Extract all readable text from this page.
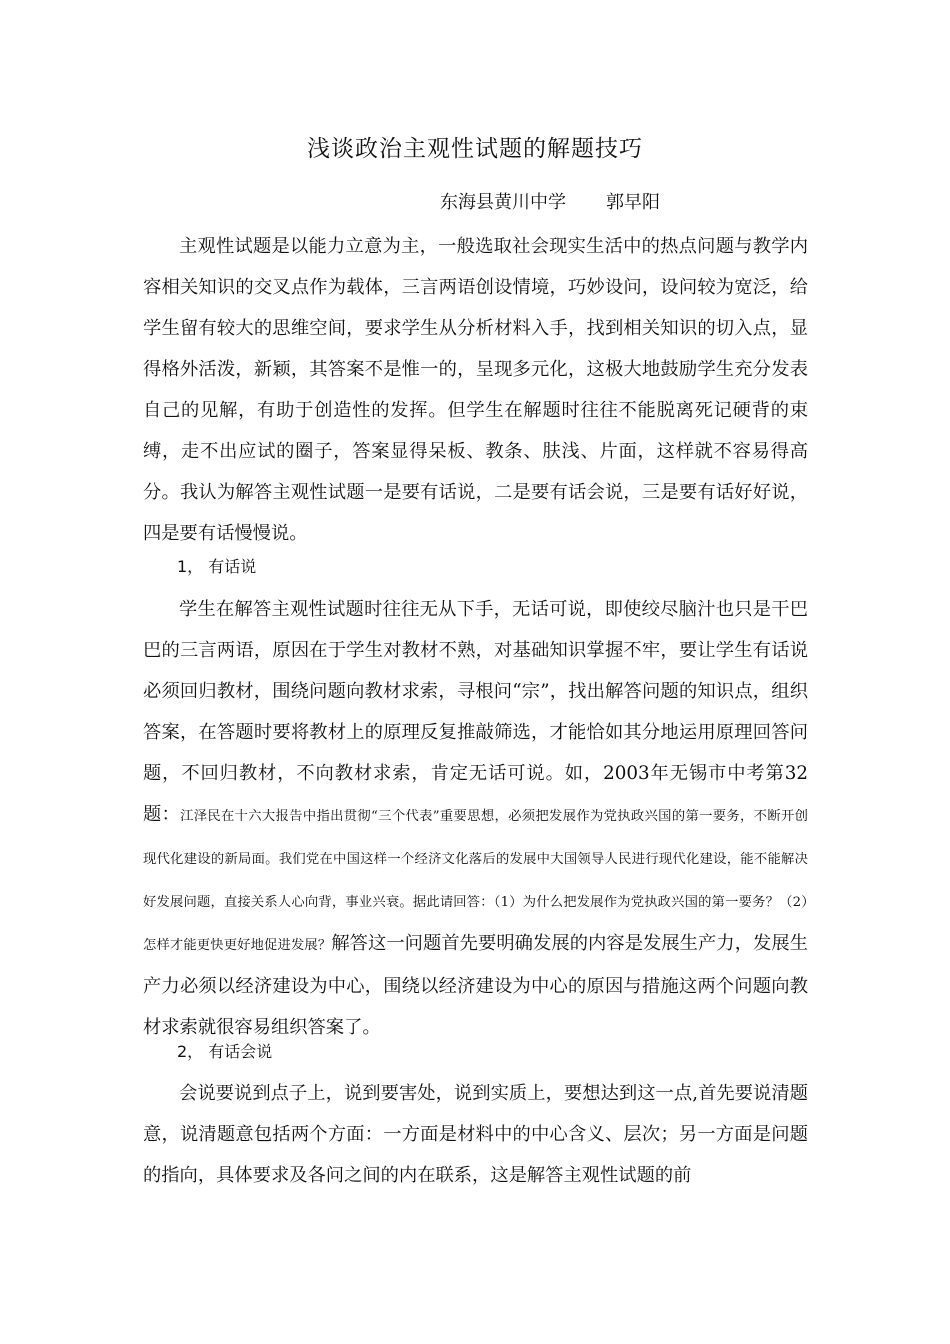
浅谈政治主观性试题的解题技巧
东海县黄川中学 郭早阳

主观性试题是以能力立意为主，一般选取社会现实生活中的热点问题与教学内容相关知识的交叉点作为载体，三言两语创设情境，巧妙设问，设问较为宽泛，给学生留有较大的思维空间，要求学生从分析材料入手，找到相关知识的切入点，显得格外活泼，新颖，其答案不是惟一的，呈现多元化，这极大地鼓励学生充分发表自己的见解，有助于创造性的发挥。但学生在解题时往往不能脱离死记硬背的束缚，走不出应试的圈子，答案显得呆板、教条、肤浅、片面，这样就不容易得高分。我认为解答主观性试题一是要有话说，二是要有话会说，三是要有话好好说，四是要有话慢慢说。

1， 有话说

学生在解答主观性试题时往往无从下手，无话可说，即使绞尽脑汁也只是干巴巴的三言两语，原因在于学生对教材不熟，对基础知识掌握不牢，要让学生有话说必须回归教材，围绕问题向教材求索，寻根问“宗”，找出解答问题的知识点，组织答案，在答题时要将教材上的原理反复推敲筛选，才能恰如其分地运用原理回答问题，不回归教材，不向教材求索，肯定无话可说。如，2003年无锡市中考第32题：江泽民在十六大报告中指出贯彻“三个代表”重要思想，必须把发展作为党执政兴国的第一要务，不断开创现代化建设的新局面。我们党在中国这样一个经济文化落后的发展中大国领导人民进行现代化建设，能不能解决好发展问题，直接关系人心向背，事业兴衰。据此请回答：（1）为什么把发展作为党执政兴国的第一要务？（2）怎样才能更快更好地促进发展？解答这一问题首先要明确发展的内容是发展生产力，发展生产力必须以经济建设为中心，围绕以经济建设为中心的原因与措施这两个问题向教材求索就很容易组织答案了。

2， 有话会说

会说要说到点子上，说到要害处，说到实质上，要想达到这一点,首先要说清题意，说清题意包括两个方面：一方面是材料中的中心含义、层次；另一方面是问题的指向，具体要求及各问之间的内在联系，这是解答主观性试题的前
